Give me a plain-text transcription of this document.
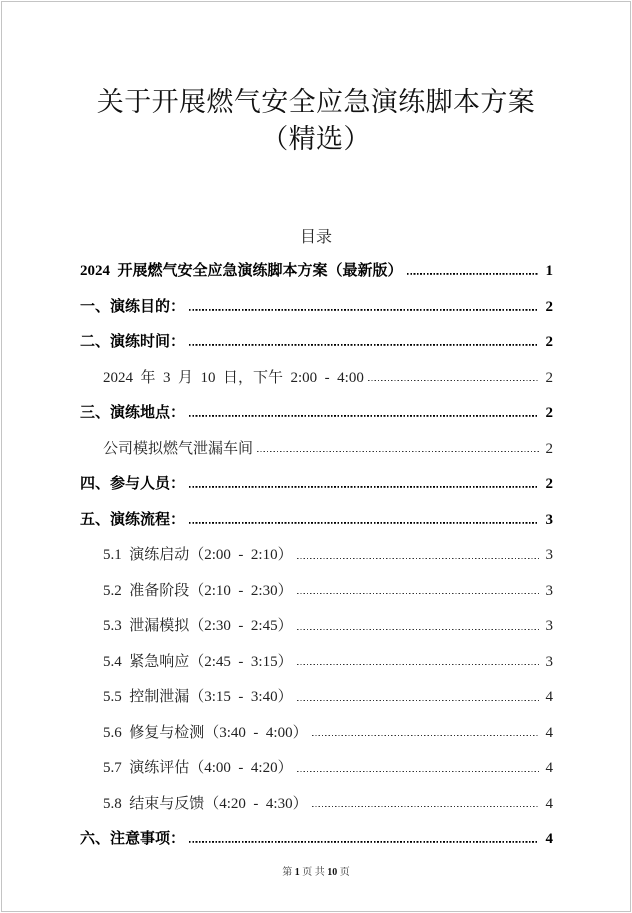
关于开展燃气安全应急演练脚本方案
（精选）
目录
2024 开展燃气安全应急演练脚本方案（最新版）	1
一、演练目的：	2
二、演练时间：	2
2024 年 3 月 10 日，下午 2:00 - 4:00	2
三、演练地点：	2
公司模拟燃气泄漏车间	2
四、参与人员：	2
五、演练流程：	3
5.1 演练启动（2:00 - 2:10）	3
5.2 准备阶段（2:10 - 2:30）	3
5.3 泄漏模拟（2:30 - 2:45）	3
5.4 紧急响应（2:45 - 3:15）	3
5.5 控制泄漏（3:15 - 3:40）	4
5.6 修复与检测（3:40 - 4:00）	4
5.7 演练评估（4:00 - 4:20）	4
5.8 结束与反馈（4:20 - 4:30）	4
六、注意事项：	4
第 1 页 共 10 页
